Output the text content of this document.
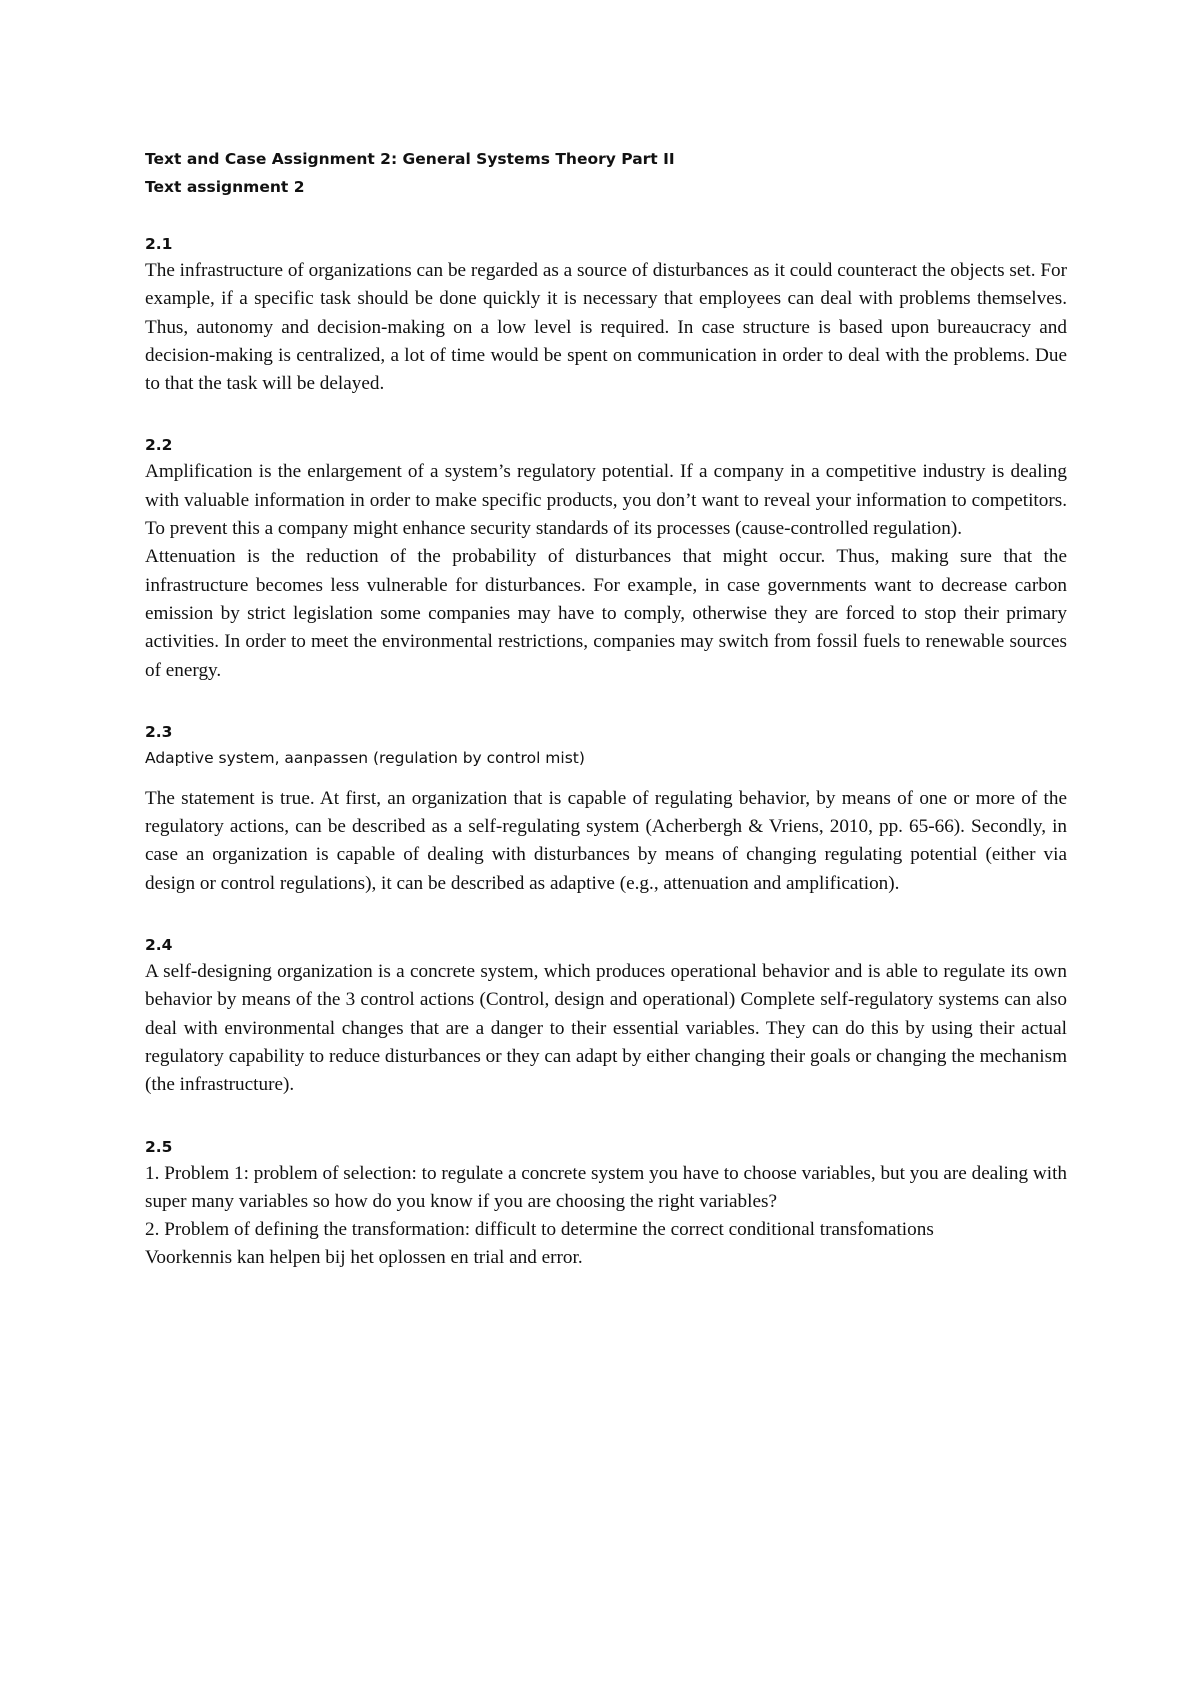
Text and Case Assignment 2: General Systems Theory Part II

Text assignment 2

2.1

The infrastructure of organizations can be regarded as a source of disturbances as it could counteract the objects set. For example, if a specific task should be done quickly it is necessary that employees can deal with problems themselves. Thus, autonomy and decision-making on a low level is required. In case structure is based upon bureaucracy and decision-making is centralized, a lot of time would be spent on communication in order to deal with the problems. Due to that the task will be delayed.

2.2

Amplification is the enlargement of a system’s regulatory potential. If a company in a competitive industry is dealing with valuable information in order to make specific products, you don’t want to reveal your information to competitors. To prevent this a company might enhance security standards of its processes (cause-controlled regulation).

Attenuation is the reduction of the probability of disturbances that might occur. Thus, making sure that the infrastructure becomes less vulnerable for disturbances. For example, in case governments want to decrease carbon emission by strict legislation some companies may have to comply, otherwise they are forced to stop their primary activities. In order to meet the environmental restrictions, companies may switch from fossil fuels to renewable sources of energy.

2.3

Adaptive system, aanpassen (regulation by control mist)

The statement is true. At first, an organization that is capable of regulating behavior, by means of one or more of the regulatory actions, can be described as a self-regulating system (Acherbergh & Vriens, 2010, pp. 65-66). Secondly, in case an organization is capable of dealing with disturbances by means of changing regulating potential (either via design or control regulations), it can be described as adaptive (e.g., attenuation and amplification).

2.4

A self-designing organization is a concrete system, which produces operational behavior and is able to regulate its own behavior by means of the 3 control actions (Control, design and operational) Complete self-regulatory systems can also deal with environmental changes that are a danger to their essential variables. They can do this by using their actual regulatory capability to reduce disturbances or they can adapt by either changing their goals or changing the mechanism (the infrastructure).

2.5

1. Problem 1: problem of selection: to regulate a concrete system you have to choose variables, but you are dealing with super many variables so how do you know if you are choosing the right variables?

2. Problem of defining the transformation: difficult to determine the correct conditional transfomations

Voorkennis kan helpen bij het oplossen en trial and error.
